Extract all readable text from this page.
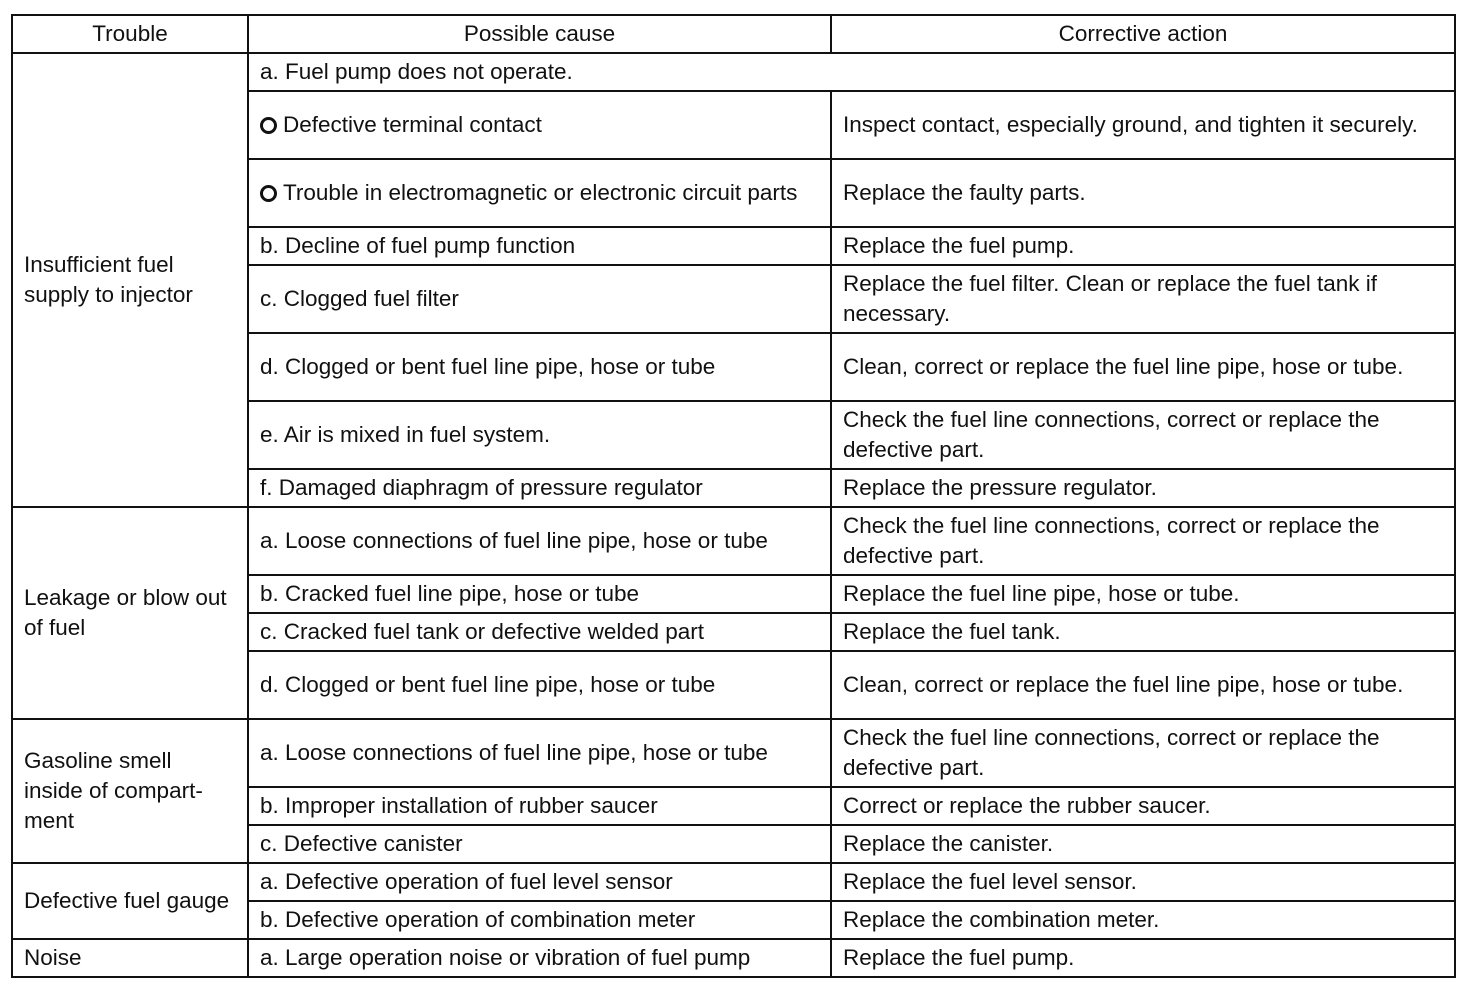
Trouble	Possible cause	Corrective action
Insufficient fuel supply to injector	a. Fuel pump does not operate.	
	Defective terminal contact	Inspect contact, especially ground, and tighten it securely.
	Trouble in electromagnetic or electronic circuit parts	Replace the faulty parts.
	b. Decline of fuel pump function	Replace the fuel pump.
	c. Clogged fuel filter	Replace the fuel filter. Clean or replace the fuel tank if necessary.
	d. Clogged or bent fuel line pipe, hose or tube	Clean, correct or replace the fuel line pipe, hose or tube.
	e. Air is mixed in fuel system.	Check the fuel line connections, correct or replace the defective part.
	f. Damaged diaphragm of pressure regulator	Replace the pressure regulator.
Leakage or blow out of fuel	a. Loose connections of fuel line pipe, hose or tube	Check the fuel line connections, correct or replace the defective part.
	b. Cracked fuel line pipe, hose or tube	Replace the fuel line pipe, hose or tube.
	c. Cracked fuel tank or defective welded part	Replace the fuel tank.
	d. Clogged or bent fuel line pipe, hose or tube	Clean, correct or replace the fuel line pipe, hose or tube.
Gasoline smell inside of compart-ment	a. Loose connections of fuel line pipe, hose or tube	Check the fuel line connections, correct or replace the defective part.
	b. Improper installation of rubber saucer	Correct or replace the rubber saucer.
	c. Defective canister	Replace the canister.
Defective fuel gauge	a. Defective operation of fuel level sensor	Replace the fuel level sensor.
	b. Defective operation of combination meter	Replace the combination meter.
Noise	a. Large operation noise or vibration of fuel pump	Replace the fuel pump.
